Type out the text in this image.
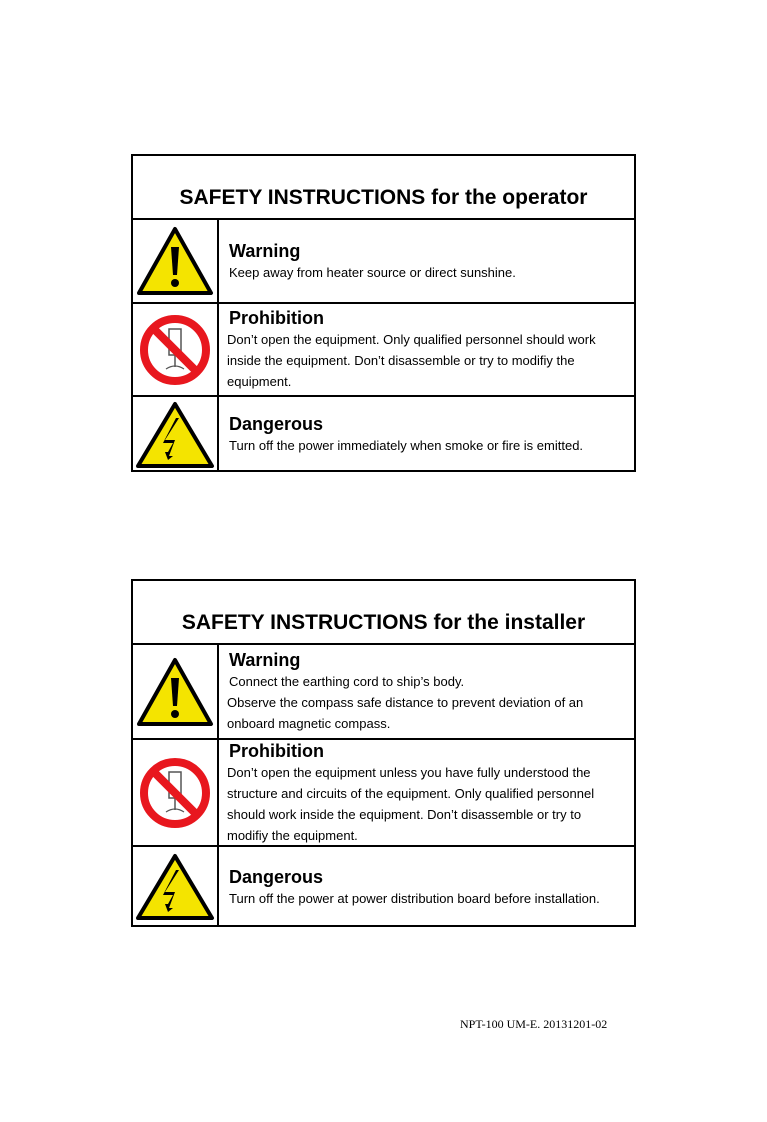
SAFETY INSTRUCTIONS for the operator
Warning
Keep away from heater source or direct sunshine.
Prohibition
Don’t open the equipment. Only qualified personnel should work
inside the equipment. Don’t disassemble or try to modifiy the
equipment.
Dangerous
Turn off the power immediately when smoke or fire is emitted.
SAFETY INSTRUCTIONS for the installer
Warning
Connect the earthing cord to ship’s body.
Observe the compass safe distance to prevent deviation of an
onboard magnetic compass.
Prohibition
Don’t open the equipment unless you have fully understood the
structure and circuits of the equipment. Only qualified personnel
should work inside the equipment. Don’t disassemble or try to
modifiy the equipment.
Dangerous
Turn off the power at power distribution board before installation.
NPT-100 UM-E. 20131201-02
